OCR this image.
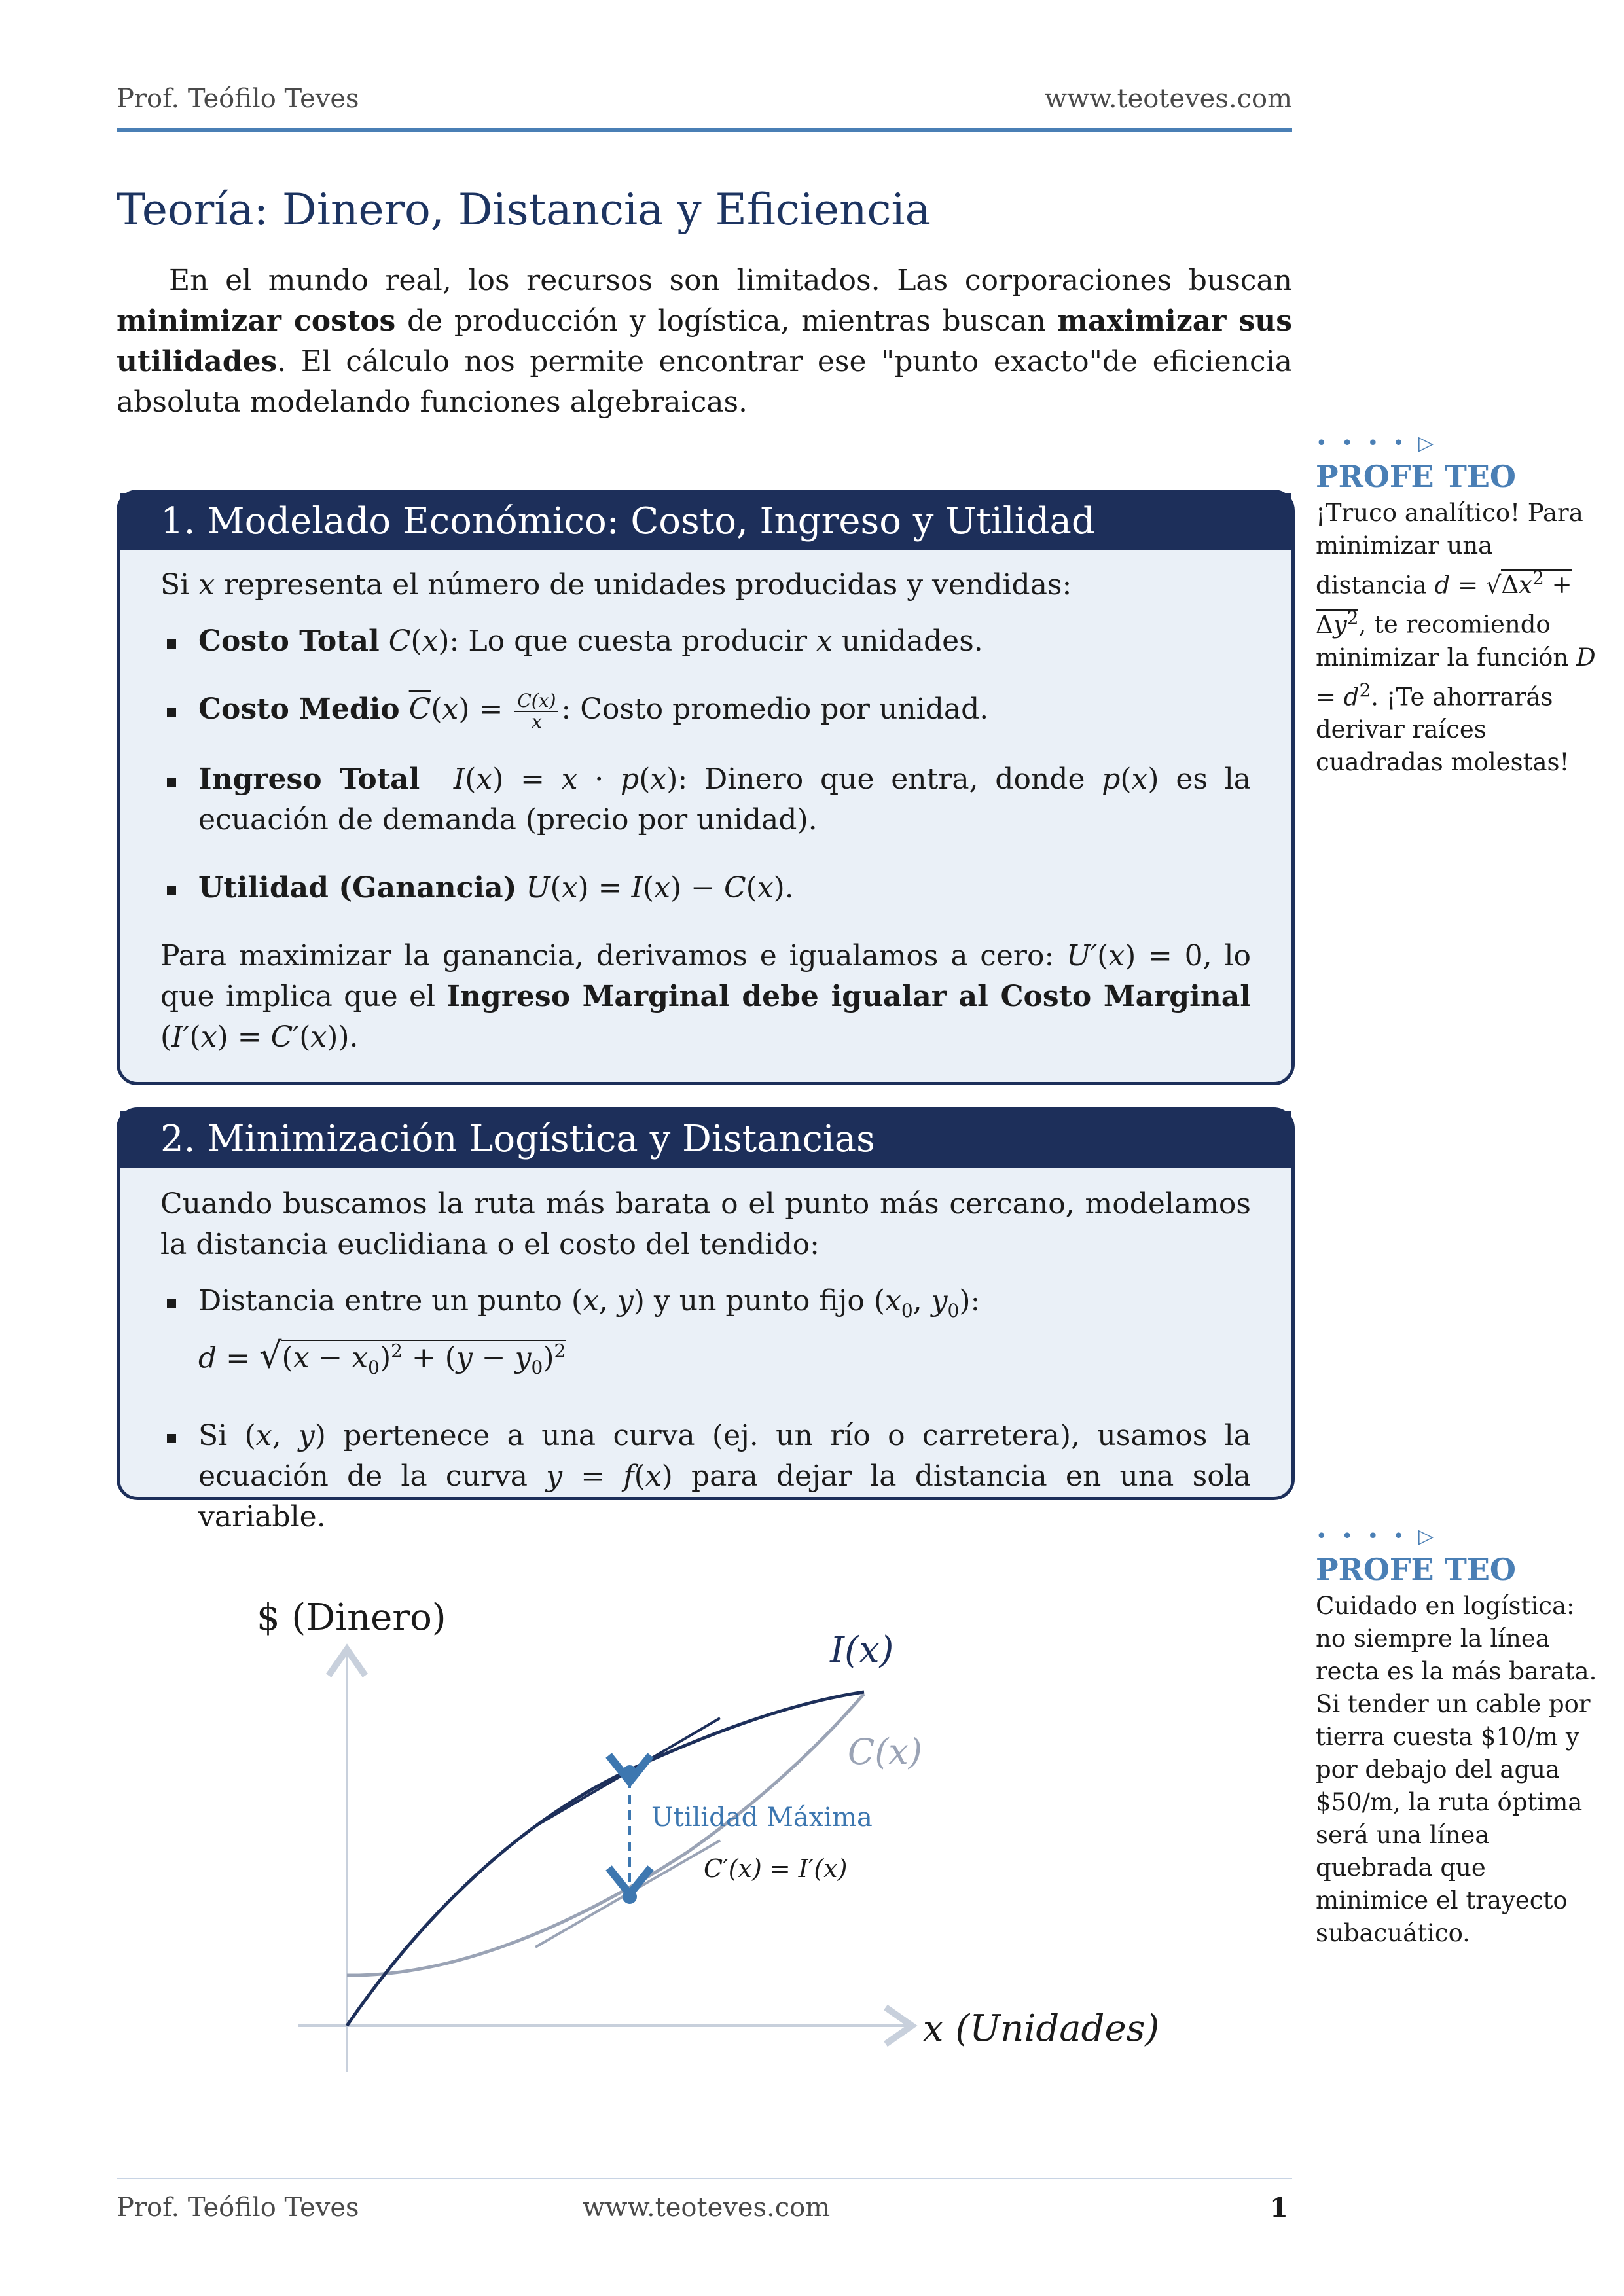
Prof. Teófilo Teves	www.teoteves.com
Teoría: Dinero, Distancia y Eficiencia

En el mundo real, los recursos son limitados. Las corporaciones buscan minimizar costos de producción y logística, mientras buscan maximizar sus utilidades. El cálculo nos permite encontrar ese "punto exacto"de eficiencia absoluta modelando funciones algebraicas.

1. Modelado Económico: Costo, Ingreso y Utilidad

Si x representa el número de unidades producidas y vendidas:

Costo Total C(x): Lo que cuesta producir x unidades.
Costo Medio $\overline{C}(x) = \frac{C(x)}{x}$ : Costo promedio por unidad.
Ingreso Total I(x) = x · p(x): Dinero que entra, donde p(x) es la ecuación de demanda (precio por unidad).
Utilidad (Ganancia) U(x) = I(x) − C(x).

Para maximizar la ganancia, derivamos e igualamos a cero: U′(x) = 0, lo que implica que el Ingreso Marginal debe igualar al Costo Marginal (I′(x) = C′(x)).

2. Minimización Logística y Distancias

Cuando buscamos la ruta más barata o el punto más cercano, modelamos la distancia euclidiana o el costo del tendido:

Distancia entre un punto (x, y) y un punto fijo ($x_0$, $y_0$):
$d = √(x - x_0)^2 + (y - y_0)^2$
Si (x, y) pertenece a una curva (ej. un río o carretera), usamos la ecuación de la curva y = f(x) para dejar la distancia en una sola variable.
• • • • ▷
PROFE TEO
¡Truco analítico! Para minimizar una distancia $d = √\Delta x^2 + \Delta y^2$, te recomiendo minimizar la función $D = d^2$. ¡Te ahorrarás derivar raíces cuadradas molestas!
• • • • ▷
PROFE TEO
Cuidado en logística: no siempre la línea recta es la más barata. Si tender un cable por tierra cuesta $10/m y por debajo del agua $50/m, la ruta óptima será una línea quebrada que minimice el trayecto subacuático.
$ (Dinero)
x (Unidades)
I(x)
C(x)
Utilidad Máxima
C′(x) = I′(x)
Prof. Teófilo Teves	www.teoteves.com	1
